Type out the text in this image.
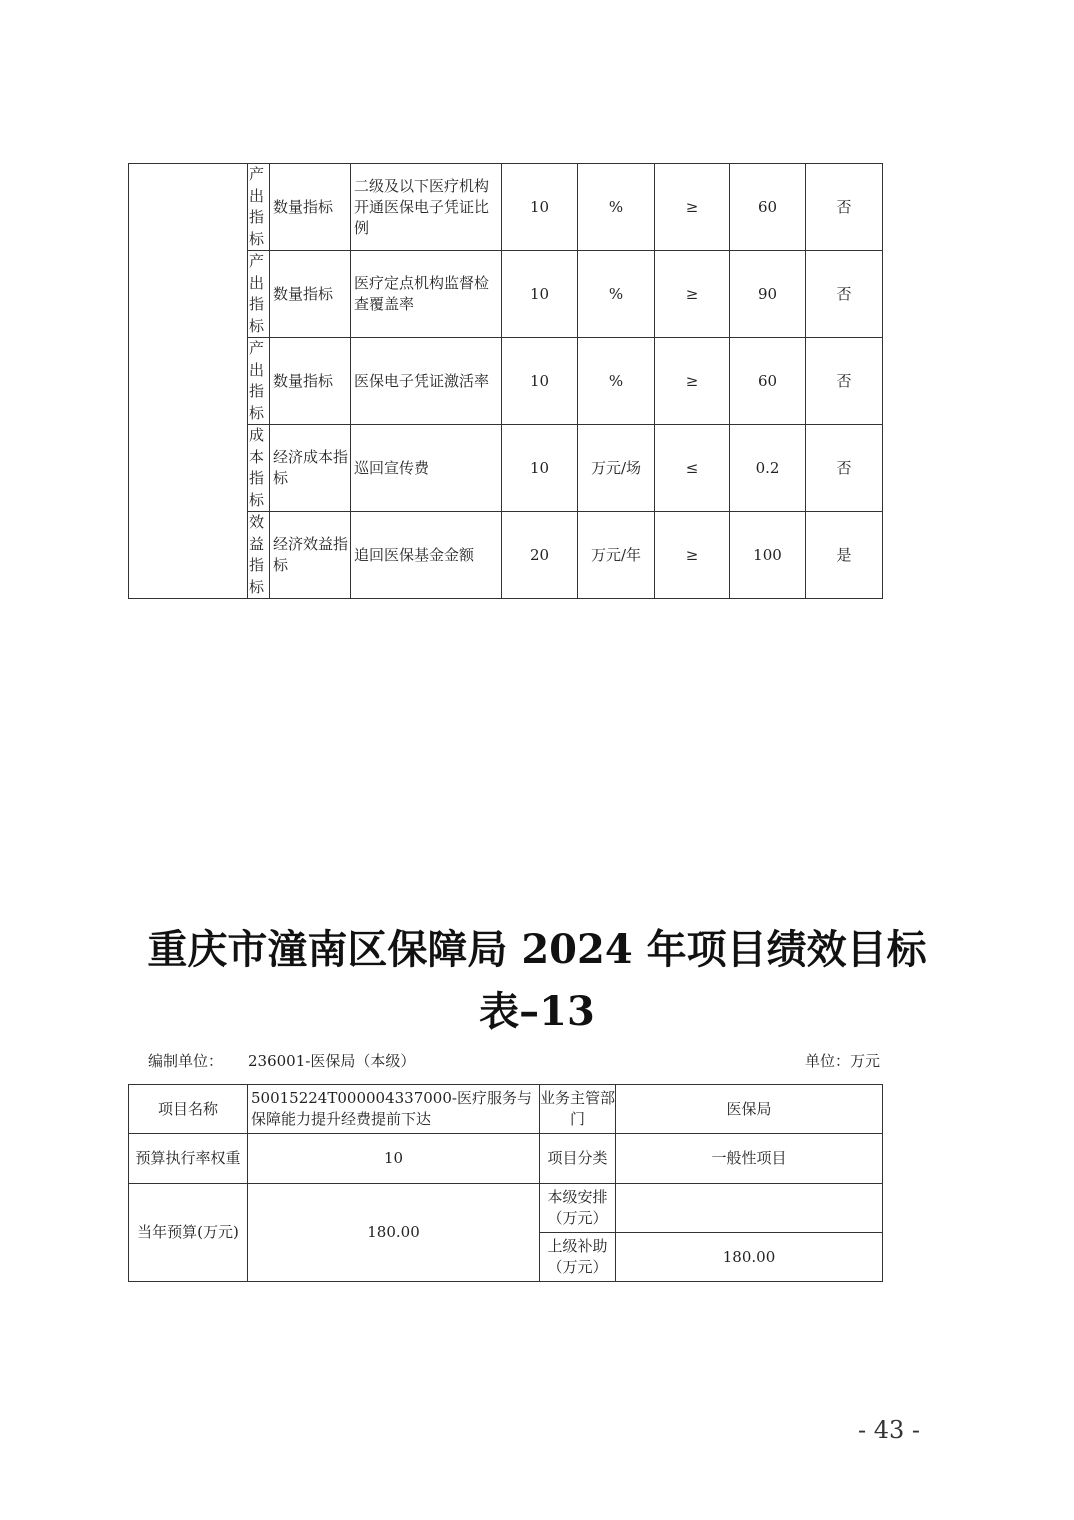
	产出指标	数量指标	二级及以下医疗机构开通医保电子凭证比例	10	%	≥	60	否
	产出指标	数量指标	医疗定点机构监督检查覆盖率	10	%	≥	90	否
	产出指标	数量指标	医保电子凭证激活率	10	%	≥	60	否
	成本指标	经济成本指标	巡回宣传费	10	万元/场	≤	0.2	否
	效益指标	经济效益指标	追回医保基金金额	20	万元/年	≥	100	是
重庆市潼南区保障局 2024 年项目绩效目标
表–13
编制单位： 236001-医保局（本级）	单位：万元
项目名称	50015224T000004337000-医疗服务与保障能力提升经费提前下达	业务主管部门	医保局
预算执行率权重	10	项目分类	一般性项目
当年预算(万元)	180.00	本级安排（万元）	
		上级补助（万元）	180.00
- 43 -
